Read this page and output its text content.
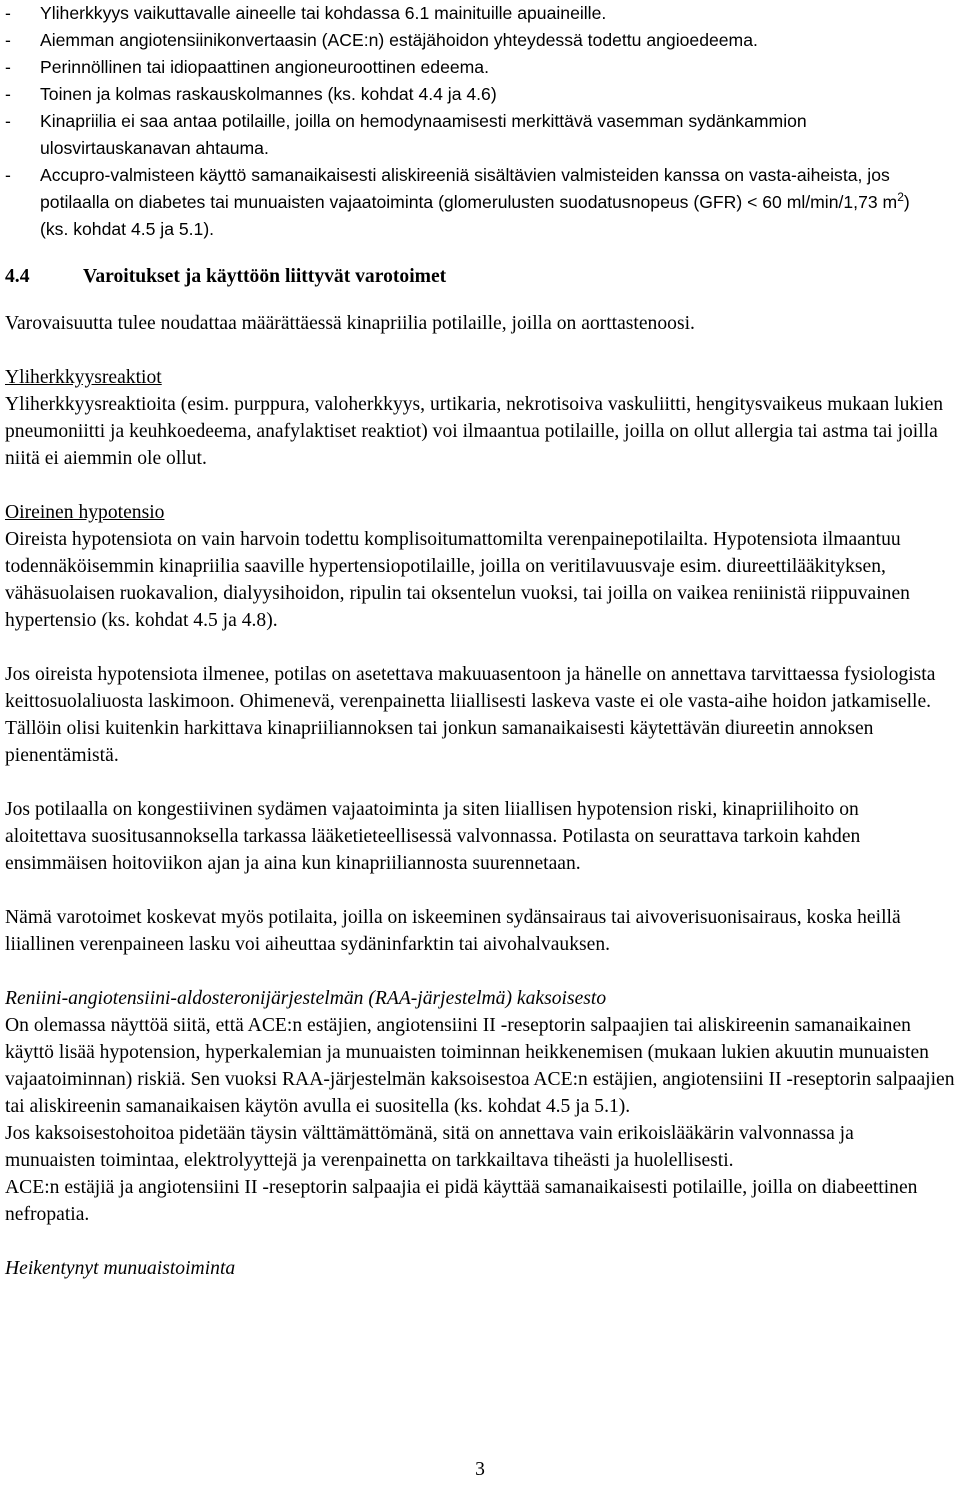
- Yliherkkyys vaikuttavalle aineelle tai kohdassa 6.1 mainituille apuaineille.
- Aiemman angiotensiinikonvertaasin (ACE:n) estäjähoidon yhteydessä todettu angioedeema.
- Perinnöllinen tai idiopaattinen angioneuroottinen edeema.
- Toinen ja kolmas raskauskolmannes (ks. kohdat 4.4 ja 4.6)
- Kinapriilia ei saa antaa potilaille, joilla on hemodynaamisesti merkittävä vasemman sydänkammion ulosvirtauskanavan ahtauma.
- Accupro-valmisteen käyttö samanaikaisesti aliskireeniä sisältävien valmisteiden kanssa on vasta-aiheista, jos potilaalla on diabetes tai munuaisten vajaatoiminta (glomerulusten suodatusnopeus (GFR) < 60 ml/min/1,73 $m^2$) (ks. kohdat 4.5 ja 5.1).
4.4	Varoitukset ja käyttöön liittyvät varotoimet

Varovaisuutta tulee noudattaa määrättäessä kinapriilia potilaille, joilla on aorttastenoosi.

Yliherkkyysreaktiot

Yliherkkyysreaktioita (esim. purppura, valoherkkyys, urtikaria, nekrotisoiva vaskuliitti, hengitysvaikeus mukaan lukien pneumoniitti ja keuhkoedeema, anafylaktiset reaktiot) voi ilmaantua potilaille, joilla on ollut allergia tai astma tai joilla niitä ei aiemmin ole ollut.

Oireinen hypotensio

Oireista hypotensiota on vain harvoin todettu komplisoitumattomilta verenpainepotilailta. Hypotensiota ilmaantuu todennäköisemmin kinapriilia saaville hypertensiopotilaille, joilla on veritilavuusvaje esim. diureettilääkityksen, vähäsuolaisen ruokavalion, dialyysihoidon, ripulin tai oksentelun vuoksi, tai joilla on vaikea reniinistä riippuvainen hypertensio (ks. kohdat 4.5 ja 4.8).

Jos oireista hypotensiota ilmenee, potilas on asetettava makuuasentoon ja hänelle on annettava tarvittaessa fysiologista keittosuolaliuosta laskimoon. Ohimenevä, verenpainetta liiallisesti laskeva vaste ei ole vasta-aihe hoidon jatkamiselle. Tällöin olisi kuitenkin harkittava kinapriiliannoksen tai jonkun samanaikaisesti käytettävän diureetin annoksen pienentämistä.

Jos potilaalla on kongestiivinen sydämen vajaatoiminta ja siten liiallisen hypotension riski, kinapriilihoito on aloitettava suositusannoksella tarkassa lääketieteellisessä valvonnassa. Potilasta on seurattava tarkoin kahden ensimmäisen hoitoviikon ajan ja aina kun kinapriiliannosta suurennetaan.

Nämä varotoimet koskevat myös potilaita, joilla on iskeeminen sydänsairaus tai aivoverisuonisairaus, koska heillä liiallinen verenpaineen lasku voi aiheuttaa sydäninfarktin tai aivohalvauksen.

Reniini-angiotensiini-aldosteronijärjestelmän (RAA-järjestelmä) kaksoisesto

On olemassa näyttöä siitä, että ACE:n estäjien, angiotensiini II -reseptorin salpaajien tai aliskireenin samanaikainen käyttö lisää hypotension, hyperkalemian ja munuaisten toiminnan heikkenemisen (mukaan lukien akuutin munuaisten vajaatoiminnan) riskiä. Sen vuoksi RAA-järjestelmän kaksoisestoa ACE:n estäjien, angiotensiini II -reseptorin salpaajien tai aliskireenin samanaikaisen käytön avulla ei suositella (ks. kohdat 4.5 ja 5.1).

Jos kaksoisestohoitoa pidetään täysin välttämättömänä, sitä on annettava vain erikoislääkärin valvonnassa ja munuaisten toimintaa, elektrolyyttejä ja verenpainetta on tarkkailtava tiheästi ja huolellisesti.

ACE:n estäjiä ja angiotensiini II -reseptorin salpaajia ei pidä käyttää samanaikaisesti potilaille, joilla on diabeettinen nefropatia.

Heikentynyt munuaistoiminta

3
